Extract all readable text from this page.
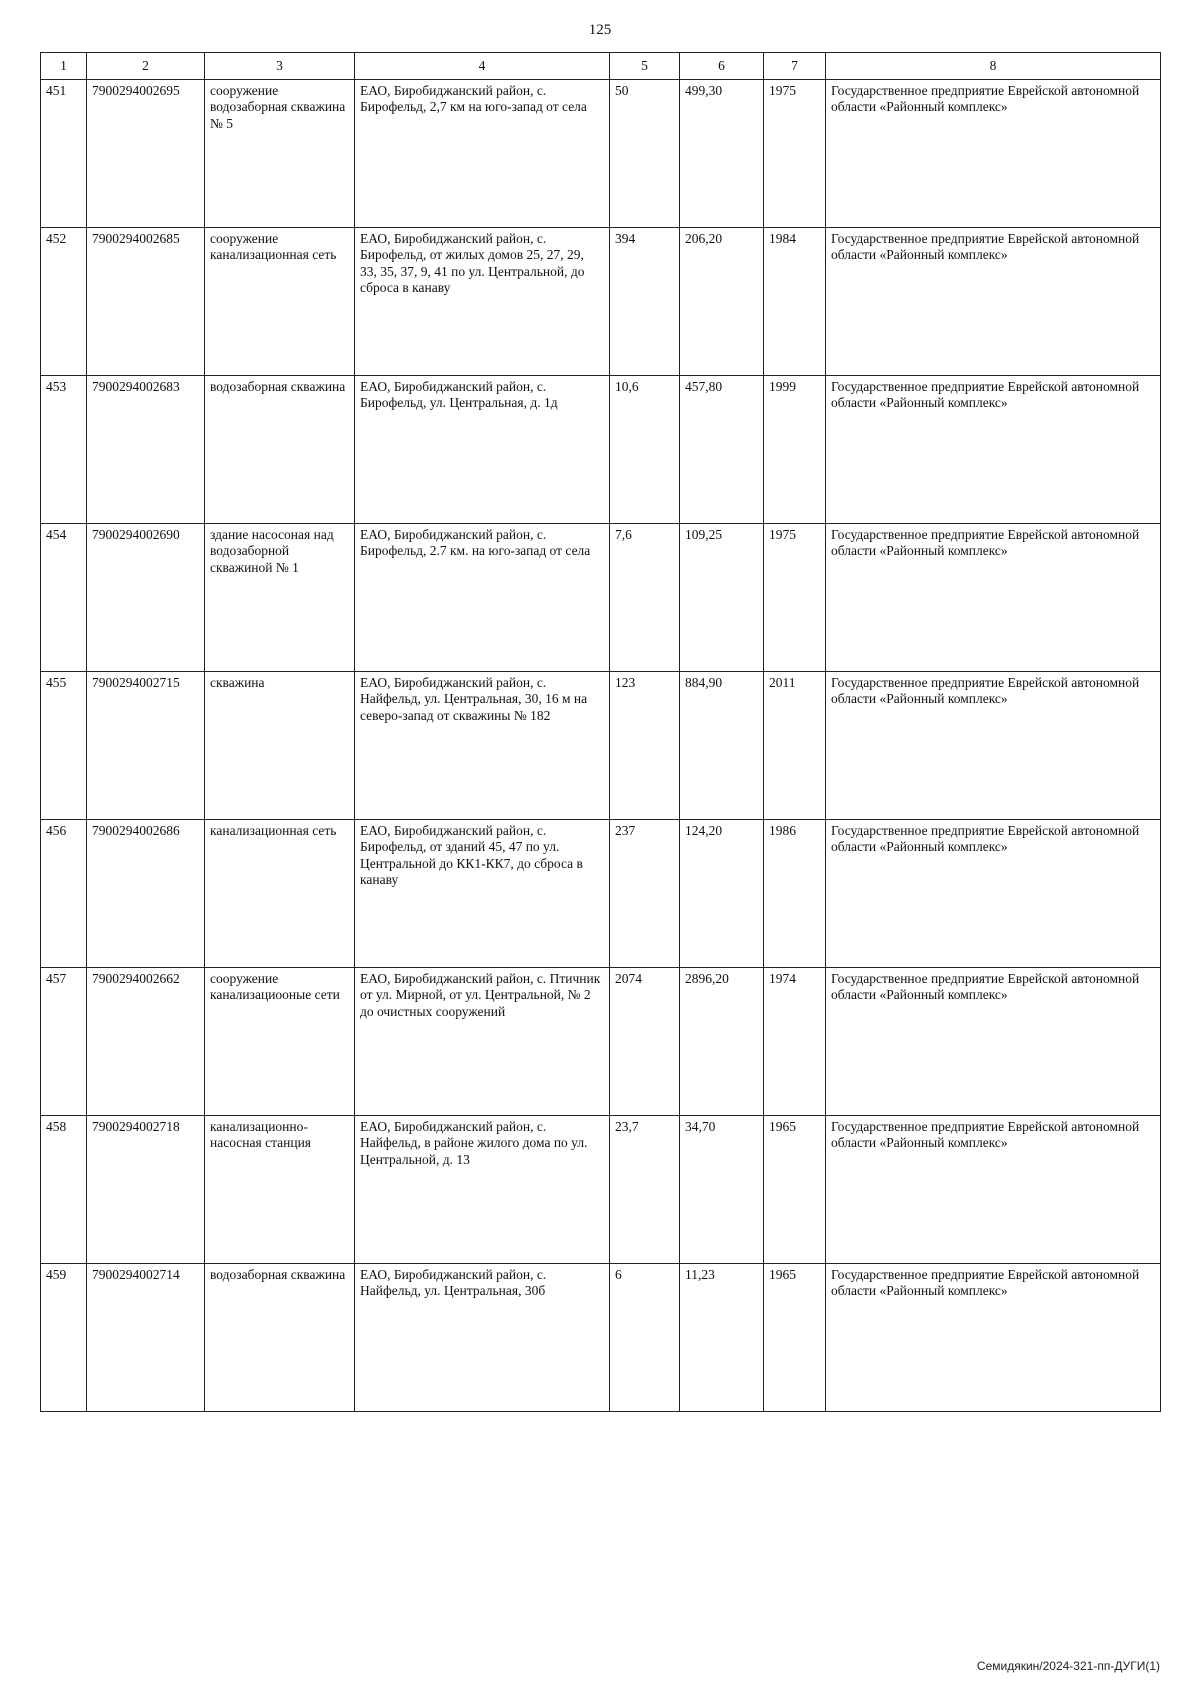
125
1	2	3	4	5	6	7	8
451	7900294002695	сооружение водозаборная скважина № 5	ЕАО, Биробиджанский район, с. Бирофельд, 2,7 км на юго-запад от села	50	499,30	1975	Государственное предприятие Еврейской автономной области «Районный комплекс»
452	7900294002685	сооружение канализационная сеть	ЕАО, Биробиджанский район, с. Бирофельд, от жилых домов 25, 27, 29, 33, 35, 37, 9, 41 по ул. Центральной, до сброса в канаву	394	206,20	1984	Государственное предприятие Еврейской автономной области «Районный комплекс»
453	7900294002683	водозаборная скважина	ЕАО, Биробиджанский район, с. Бирофельд, ул. Центральная, д. 1д	10,6	457,80	1999	Государственное предприятие Еврейской автономной области «Районный комплекс»
454	7900294002690	здание насосоная над водозаборной скважиной № 1	ЕАО, Биробиджанский район, с. Бирофельд, 2.7 км. на юго-запад от села	7,6	109,25	1975	Государственное предприятие Еврейской автономной области «Районный комплекс»
455	7900294002715	скважина	ЕАО, Биробиджанский район, с. Найфельд, ул. Центральная, 30, 16 м на северо-запад от скважины № 182	123	884,90	2011	Государственное предприятие Еврейской автономной области «Районный комплекс»
456	7900294002686	канализационная сеть	ЕАО, Биробиджанский район, с. Бирофельд, от зданий 45, 47 по ул. Центральной до КК1-КК7, до сброса в канаву	237	124,20	1986	Государственное предприятие Еврейской автономной области «Районный комплекс»
457	7900294002662	сооружение канализациооные сети	ЕАО, Биробиджанский район, с. Птичник от ул. Мирной, от ул. Центральной, № 2 до очистных сооружений	2074	2896,20	1974	Государственное предприятие Еврейской автономной области «Районный комплекс»
458	7900294002718	канализационно-насосная станция	ЕАО, Биробиджанский район, с. Найфельд, в районе жилого дома по ул. Центральной, д. 13	23,7	34,70	1965	Государственное предприятие Еврейской автономной области «Районный комплекс»
459	7900294002714	водозаборная скважина	ЕАО, Биробиджанский район, с. Найфельд, ул. Центральная, 30б	6	11,23	1965	Государственное предприятие Еврейской автономной области «Районный комплекс»
Семидякин/2024-321-пп-ДУГИ(1)
